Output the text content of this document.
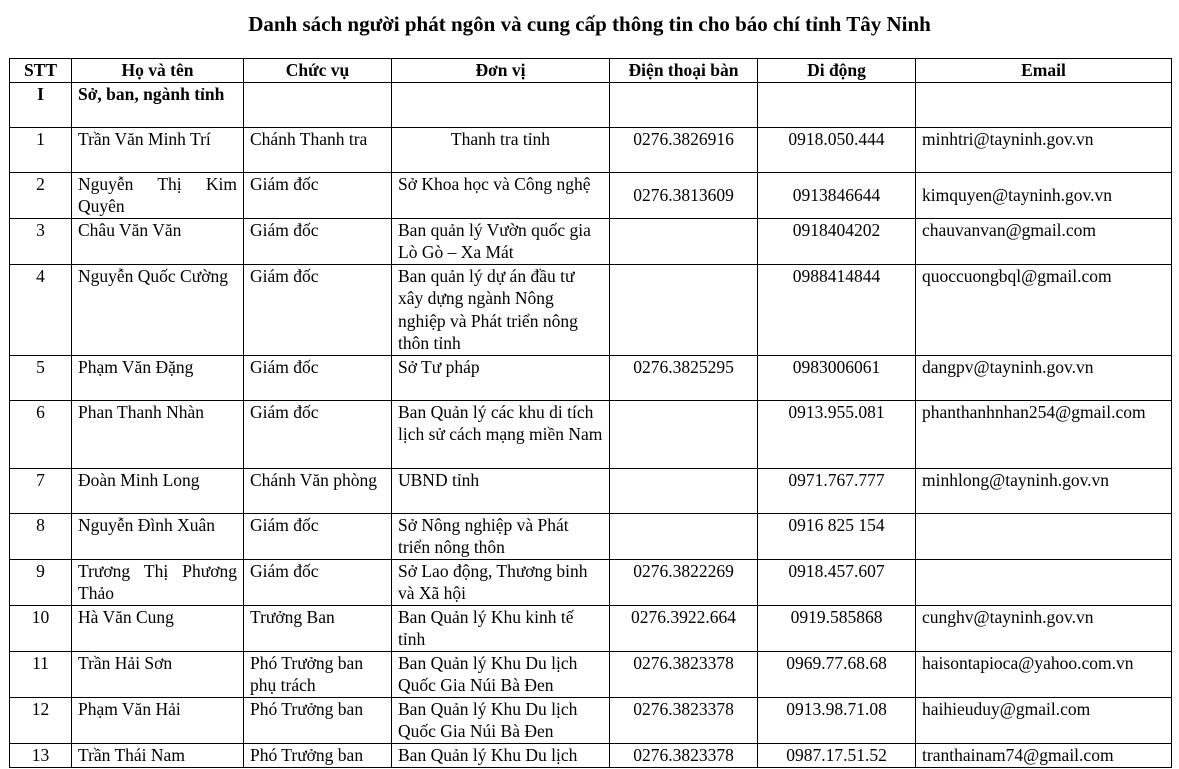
Danh sách người phát ngôn và cung cấp thông tin cho báo chí tỉnh Tây Ninh
STT	Họ và tên	Chức vụ	Đơn vị	Điện thoại bàn	Di động	Email
I	Sở, ban, ngành tỉnh					
1	Trần Văn Minh Trí	Chánh Thanh tra	Thanh tra tỉnh	0276.3826916	0918.050.444	minhtri@tayninh.gov.vn
2	Nguyễn Thị Kim Quyên	Giám đốc	Sở Khoa học và Công nghệ	0276.3813609	0913846644	kimquyen@tayninh.gov.vn
3	Châu Văn Văn	Giám đốc	Ban quản lý Vườn quốc gia Lò Gò – Xa Mát		0918404202	chauvanvan@gmail.com
4	Nguyễn Quốc Cường	Giám đốc	Ban quản lý dự án đầu tư xây dựng ngành Nông nghiệp và Phát triển nông thôn tỉnh		0988414844	quoccuongbql@gmail.com
5	Phạm Văn Đặng	Giám đốc	Sở Tư pháp	0276.3825295	0983006061	dangpv@tayninh.gov.vn
6	Phan Thanh Nhàn	Giám đốc	Ban Quản lý các khu di tích lịch sử cách mạng miền Nam		0913.955.081	phanthanhnhan254@gmail.com
7	Đoàn Minh Long	Chánh Văn phòng	UBND tỉnh		0971.767.777	minhlong@tayninh.gov.vn
8	Nguyễn Đình Xuân	Giám đốc	Sở Nông nghiệp và Phát triển nông thôn		0916 825 154	
9	Trương Thị Phương Thảo	Giám đốc	Sở Lao động, Thương binh và Xã hội	0276.3822269	0918.457.607	
10	Hà Văn Cung	Trưởng Ban	Ban Quản lý Khu kinh tế tỉnh	0276.3922.664	0919.585868	cunghv@tayninh.gov.vn
11	Trần Hải Sơn	Phó Trưởng ban phụ trách	Ban Quản lý Khu Du lịch Quốc Gia Núi Bà Đen	0276.3823378	0969.77.68.68	haisontapioca@yahoo.com.vn
12	Phạm Văn Hải	Phó Trưởng ban	Ban Quản lý Khu Du lịch Quốc Gia Núi Bà Đen	0276.3823378	0913.98.71.08	haihieuduy@gmail.com
13	Trần Thái Nam	Phó Trưởng ban	Ban Quản lý Khu Du lịch	0276.3823378	0987.17.51.52	tranthainam74@gmail.com
